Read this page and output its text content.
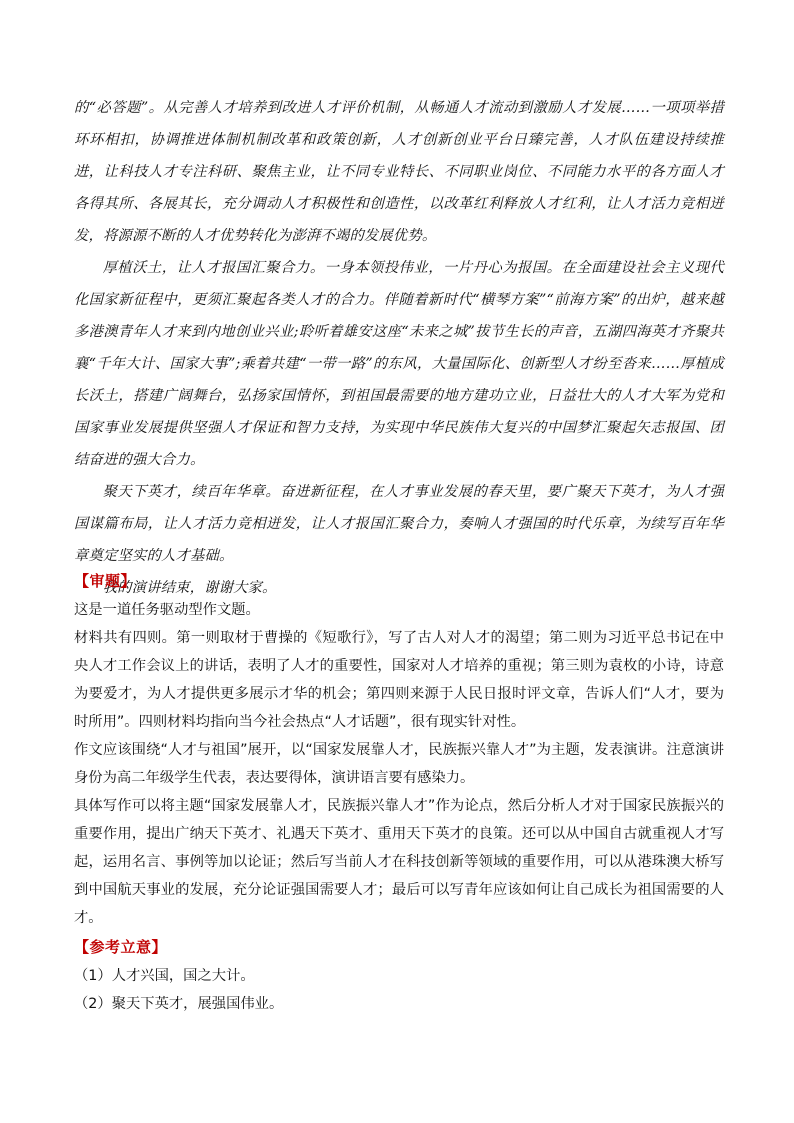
的“必答题”。从完善人才培养到改进人才评价机制，从畅通人才流动到激励人才发展……一项项举措环环相扣，协调推进体制机制改革和政策创新，人才创新创业平台日臻完善，人才队伍建设持续推进，让科技人才专注科研、聚焦主业，让不同专业特长、不同职业岗位、不同能力水平的各方面人才各得其所、各展其长，充分调动人才积极性和创造性，以改革红利释放人才红利，让人才活力竞相迸发，将源源不断的人才优势转化为澎湃不竭的发展优势。

厚植沃土，让人才报国汇聚合力。一身本领投伟业，一片丹心为报国。在全面建设社会主义现代化国家新征程中，更须汇聚起各类人才的合力。伴随着新时代“横琴方案”“前海方案”的出炉，越来越多港澳青年人才来到内地创业兴业;聆听着雄安这座“未来之城”拔节生长的声音，五湖四海英才齐聚共襄“千年大计、国家大事”;乘着共建“一带一路”的东风，大量国际化、创新型人才纷至沓来……厚植成长沃土，搭建广阔舞台，弘扬家国情怀，到祖国最需要的地方建功立业，日益壮大的人才大军为党和国家事业发展提供坚强人才保证和智力支持，为实现中华民族伟大复兴的中国梦汇聚起矢志报国、团结奋进的强大合力。

聚天下英才，续百年华章。奋进新征程，在人才事业发展的春天里，要广聚天下英才，为人才强国谋篇布局，让人才活力竞相迸发，让人才报国汇聚合力，奏响人才强国的时代乐章，为续写百年华章奠定坚实的人才基础。

我的演讲结束，谢谢大家。

【审题】

这是一道任务驱动型作文题。

材料共有四则。第一则取材于曹操的《短歌行》，写了古人对人才的渴望；第二则为习近平总书记在中央人才工作会议上的讲话，表明了人才的重要性，国家对人才培养的重视；第三则为袁枚的小诗，诗意为要爱才，为人才提供更多展示才华的机会；第四则来源于人民日报时评文章，告诉人们“人才，要为时所用”。四则材料均指向当今社会热点“人才话题”，很有现实针对性。

作文应该围绕“人才与祖国”展开，以“国家发展靠人才，民族振兴靠人才”为主题，发表演讲。注意演讲身份为高二年级学生代表，表达要得体，演讲语言要有感染力。

具体写作可以将主题“国家发展靠人才，民族振兴靠人才”作为论点，然后分析人才对于国家民族振兴的重要作用，提出广纳天下英才、礼遇天下英才、重用天下英才的良策。还可以从中国自古就重视人才写起，运用名言、事例等加以论证；然后写当前人才在科技创新等领域的重要作用，可以从港珠澳大桥写到中国航天事业的发展，充分论证强国需要人才；最后可以写青年应该如何让自己成长为祖国需要的人才。

【参考立意】

（1）人才兴国，国之大计。

（2）聚天下英才，展强国伟业。
